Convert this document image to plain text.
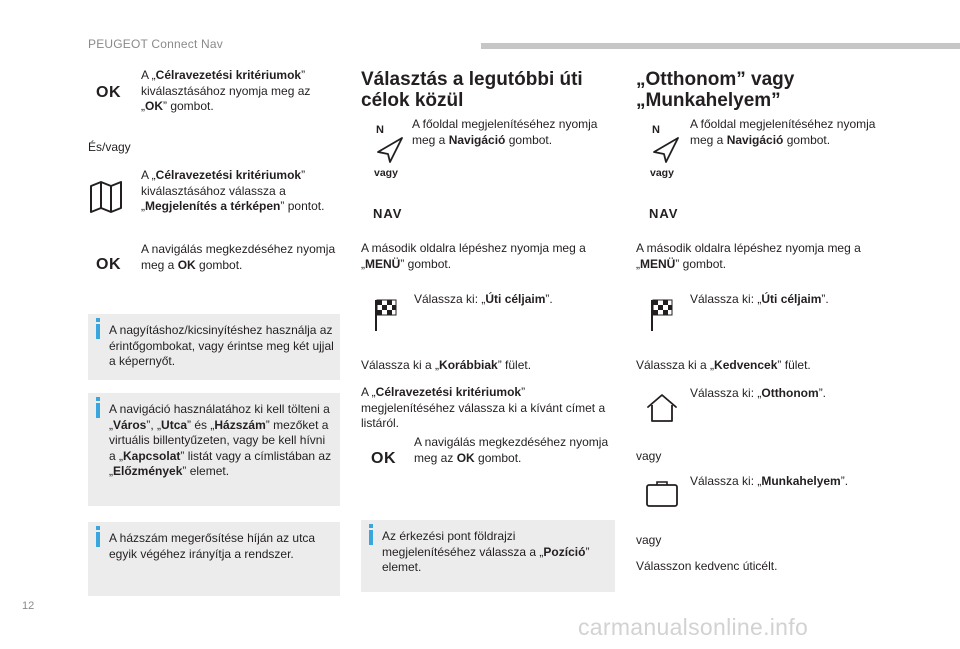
PEUGEOT Connect Nav
OK
A „Célravezetési kritériumok” kiválasztásához nyomja meg az „OK” gombot.
És/vagy
A „Célravezetési kritériumok” kiválasztásához válassza a „Megjelenítés a térképen” pontot.
OK
A navigálás megkezdéséhez nyomja meg a OK gombot.
A nagyításhoz/kicsinyítéshez használja az érintőgombokat, vagy érintse meg két ujjal a képernyőt.
A navigáció használatához ki kell tölteni a „Város”, „Utca” és „Házszám” mezőket a virtuális billentyűzeten, vagy be kell hívni a „Kapcsolat” listát vagy a címlistában az „Előzmények” elemet.
A házszám megerősítése híján az utca egyik végéhez irányítja a rendszer.
Választás a legutóbbi úti célok közül
N A főoldal megjelenítéséhez nyomja meg a Navigáció gombot.
vagy
NAV
A második oldalra lépéshez nyomja meg a „MENÜ” gombot.
Válassza ki: „Úti céljaim”.
Válassza ki a „Korábbiak” fület.
A „Célravezetési kritériumok” megjelenítéséhez válassza ki a kívánt címet a listáról.
OK
A navigálás megkezdéséhez nyomja meg az OK gombot.
Az érkezési pont földrajzi megjelenítéséhez válassza a „Pozíció” elemet.
„Otthonom” vagy „Munkahelyem”
N	A főoldal megjelenítéséhez nyomja meg a Navigáció gombot.
vagy
NAV
A második oldalra lépéshez nyomja meg a „MENÜ” gombot.
Válassza ki: „Úti céljaim”.
Válassza ki a „Kedvencek” fület.
Válassza ki: „Otthonom”.
vagy
Válassza ki: „Munkahelyem”.
vagy
Válasszon kedvenc úticélt.
12
carmanualsonline.info
